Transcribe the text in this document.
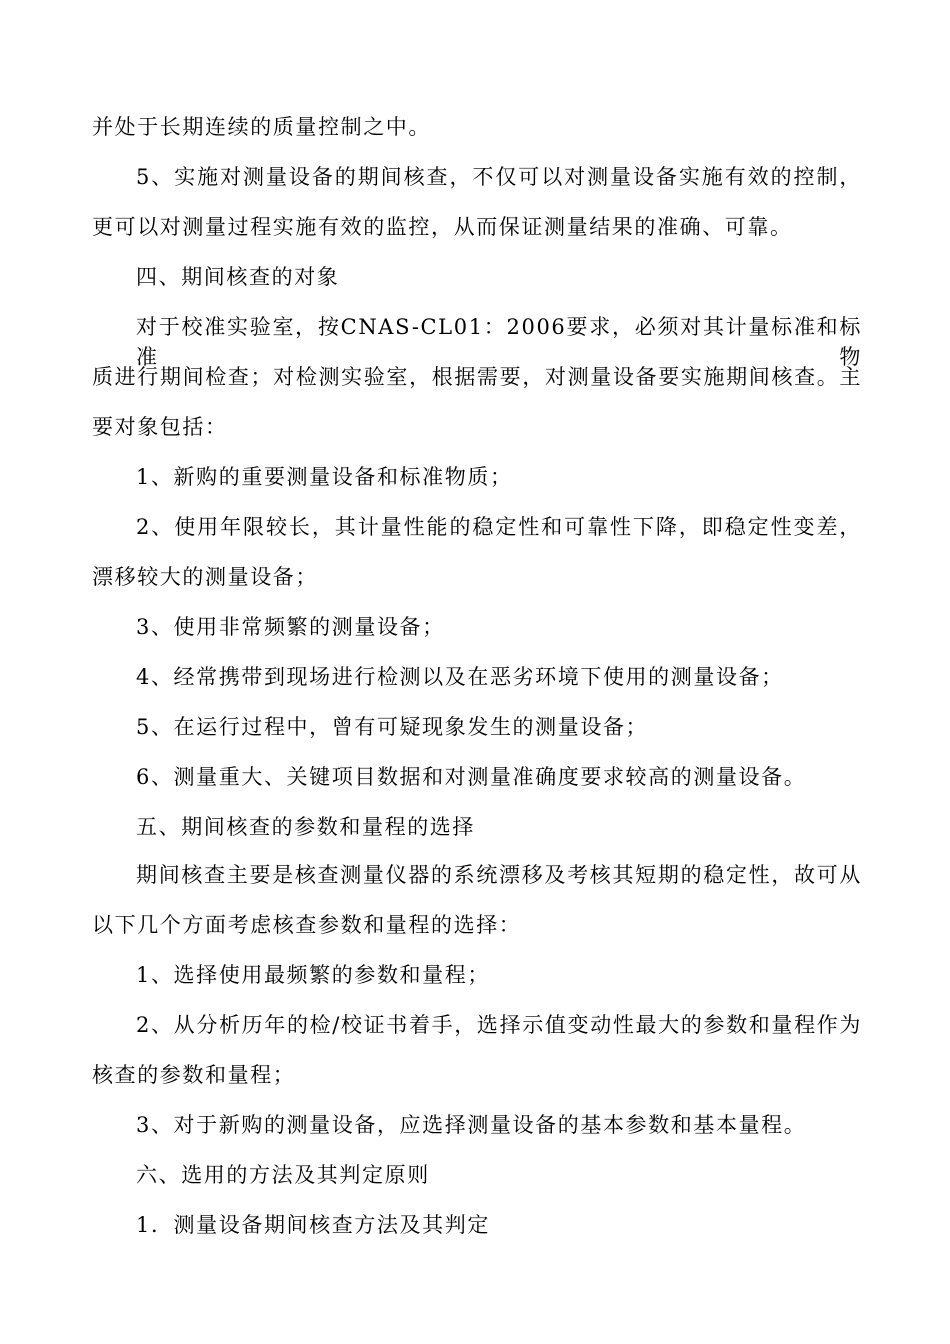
并处于长期连续的质量控制之中。
5、实施对测量设备的期间核查，不仅可以对测量设备实施有效的控制，
更可以对测量过程实施有效的监控，从而保证测量结果的准确、可靠。
四、期间核查的对象
对于校准实验室，按CNAS-CL01：2006要求，必须对其计量标准和标准物
质进行期间检查；对检测实验室，根据需要，对测量设备要实施期间核查。主
要对象包括：
1、新购的重要测量设备和标准物质；
2、使用年限较长，其计量性能的稳定性和可靠性下降，即稳定性变差，
漂移较大的测量设备；
3、使用非常频繁的测量设备；
4、经常携带到现场进行检测以及在恶劣环境下使用的测量设备；
5、在运行过程中，曾有可疑现象发生的测量设备；
6、测量重大、关键项目数据和对测量准确度要求较高的测量设备。
五、期间核查的参数和量程的选择
期间核查主要是核查测量仪器的系统漂移及考核其短期的稳定性，故可从
以下几个方面考虑核查参数和量程的选择：
1、选择使用最频繁的参数和量程；
2、从分析历年的检/校证书着手，选择示值变动性最大的参数和量程作为
核查的参数和量程；
3、对于新购的测量设备，应选择测量设备的基本参数和基本量程。
六、选用的方法及其判定原则
1．测量设备期间核查方法及其判定
